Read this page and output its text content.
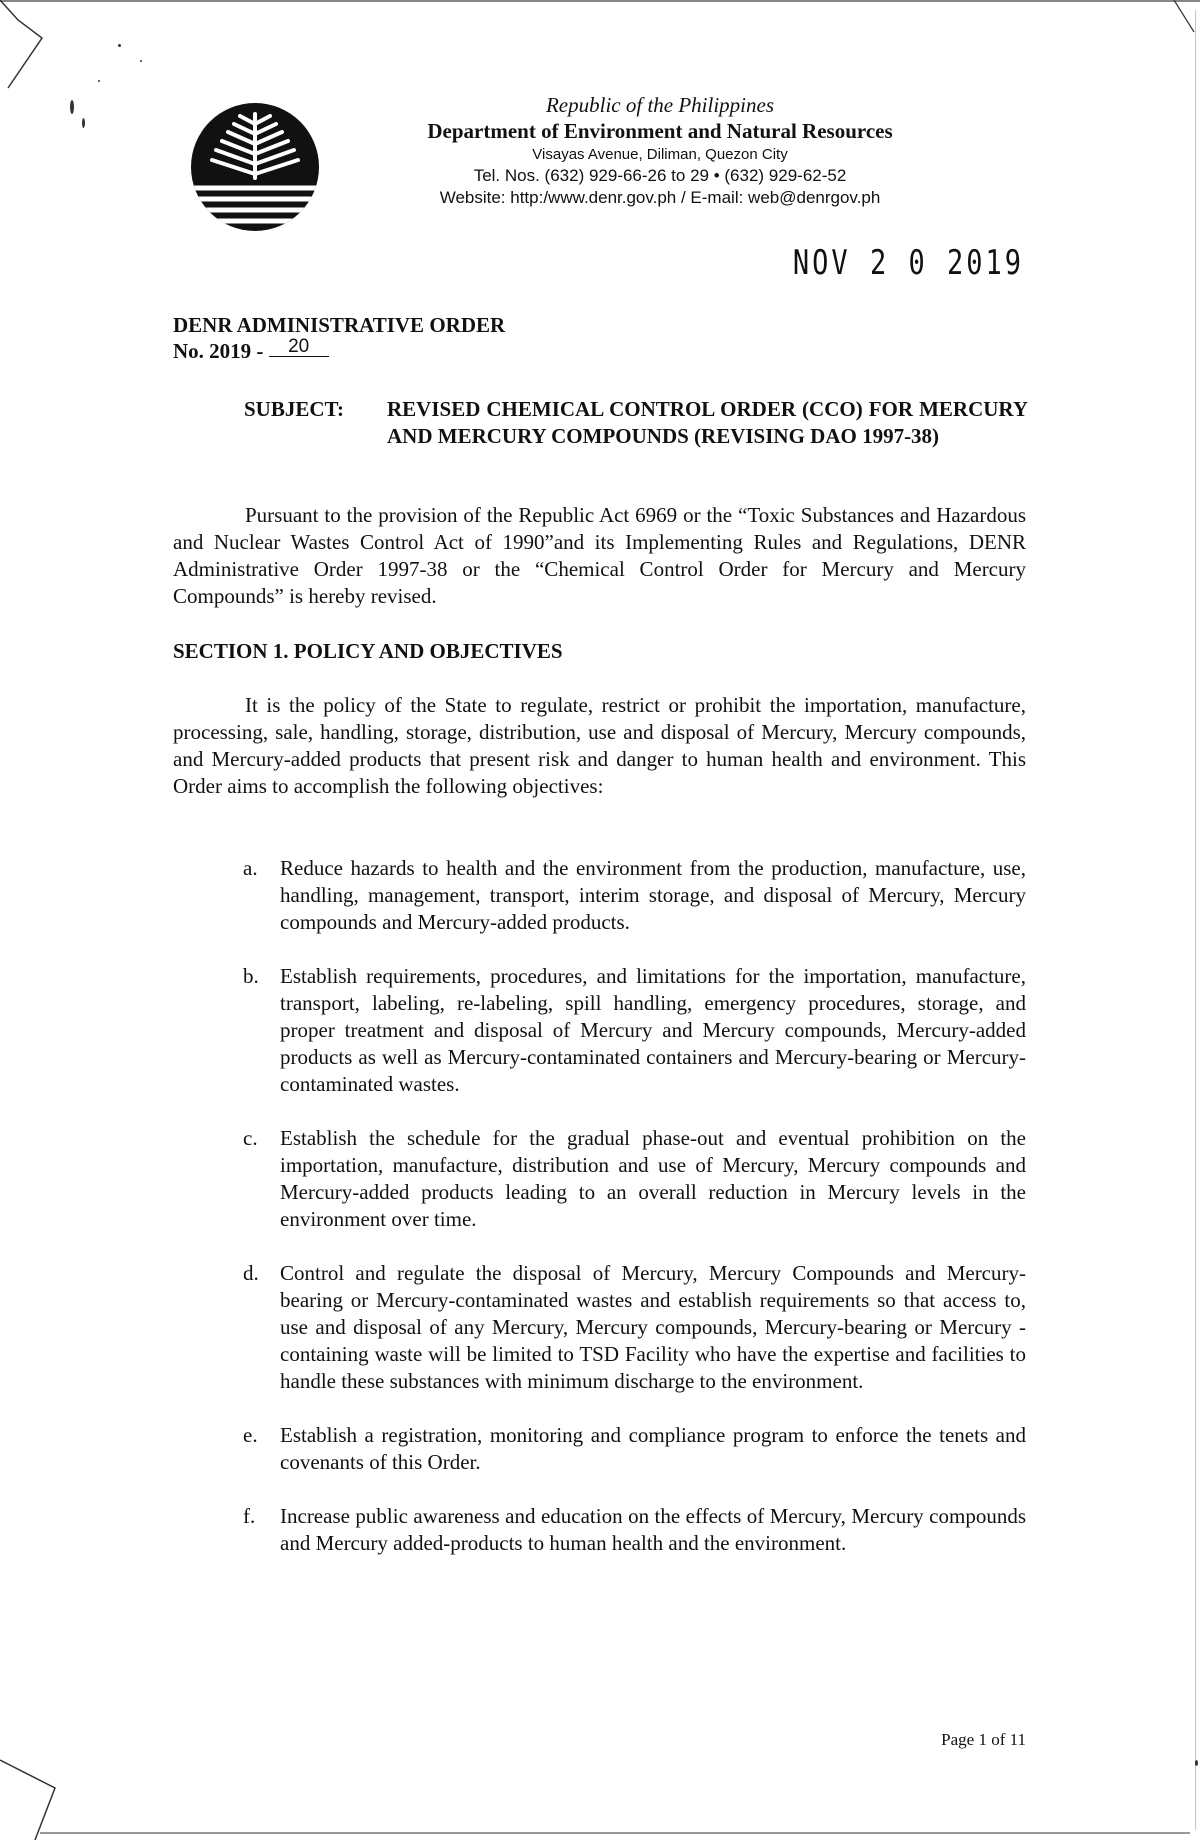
Republic of the Philippines
Department of Environment and Natural Resources
Visayas Avenue, Diliman, Quezon City
Tel. Nos. (632) 929-66-26 to 29 • (632) 929-62-52
Website: http:/www.denr.gov.ph / E-mail: web@denrgov.ph
NOV 2 0 2019
DENR ADMINISTRATIVE ORDER
No. 2019 - 20
SUBJECT:	REVISED CHEMICAL CONTROL ORDER (CCO) FOR MERCURY AND MERCURY COMPOUNDS (REVISING DAO 1997-38)
Pursuant to the provision of the Republic Act 6969 or the “Toxic Substances and Hazardous and Nuclear Wastes Control Act of 1990”and its Implementing Rules and Regulations, DENR Administrative Order 1997-38 or the “Chemical Control Order for Mercury and Mercury Compounds” is hereby revised.
SECTION 1. POLICY AND OBJECTIVES
It is the policy of the State to regulate, restrict or prohibit the importation, manufacture, processing, sale, handling, storage, distribution, use and disposal of Mercury, Mercury compounds, and Mercury-added products that present risk and danger to human health and environment. This Order aims to accomplish the following objectives:
a. Reduce hazards to health and the environment from the production, manufacture, use, handling, management, transport, interim storage, and disposal of Mercury, Mercury compounds and Mercury-added products.
b. Establish requirements, procedures, and limitations for the importation, manufacture, transport, labeling, re-labeling, spill handling, emergency procedures, storage, and proper treatment and disposal of Mercury and Mercury compounds, Mercury-added products as well as Mercury-contaminated containers and Mercury-bearing or Mercury-contaminated wastes.
c. Establish the schedule for the gradual phase-out and eventual prohibition on the importation, manufacture, distribution and use of Mercury, Mercury compounds and Mercury-added products leading to an overall reduction in Mercury levels in the environment over time.
d. Control and regulate the disposal of Mercury, Mercury Compounds and Mercury-bearing or Mercury-contaminated wastes and establish requirements so that access to, use and disposal of any Mercury, Mercury compounds, Mercury-bearing or Mercury -containing waste will be limited to TSD Facility who have the expertise and facilities to handle these substances with minimum discharge to the environment.
e. Establish a registration, monitoring and compliance program to enforce the tenets and covenants of this Order.
f. Increase public awareness and education on the effects of Mercury, Mercury compounds and Mercury added-products to human health and the environment.
Page 1 of 11
